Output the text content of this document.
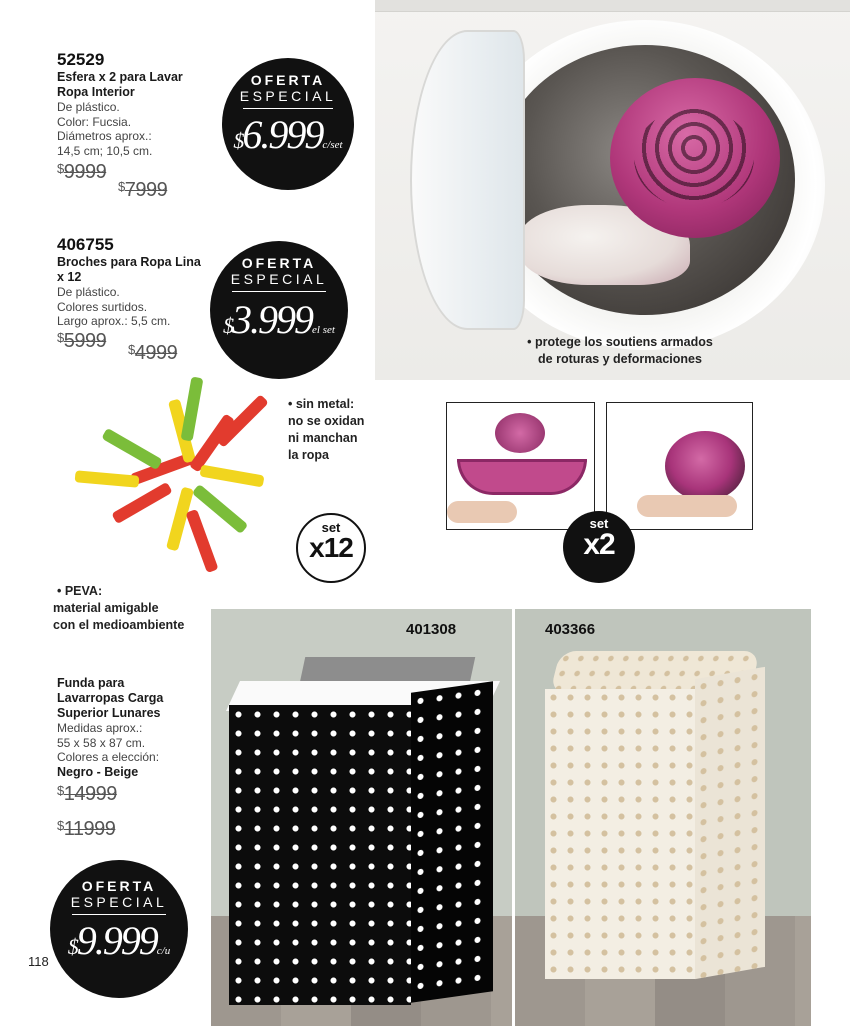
• protege los soutiens armados
de roturas y deformaciones
52529
Esfera x 2 para Lavar
Ropa Interior
De plástico.
Color: Fucsia.
Diámetros aprox.:
14,5 cm; 10,5 cm.
$9999
$7999
OFERTA
ESPECIAL
$6.999c/set
406755
Broches para Ropa Lina
x 12
De plástico.
Colores surtidos.
Largo aprox.: 5,5 cm.
$5999 $4999
OFERTA
ESPECIAL
$3.999el set
• sin metal:
no se oxidan
ni manchan
la ropa
set
x12
set
x2
• PEVA:
material amigable
con el medioambiente	401308	403366
Funda para
Lavarropas Carga
Superior Lunares
Medidas aprox.:
55 x 58 x 87 cm.
Colores a elección:
Negro - Beige
$14999
$11999
OFERTA
ESPECIAL
$9.999c/u
118
